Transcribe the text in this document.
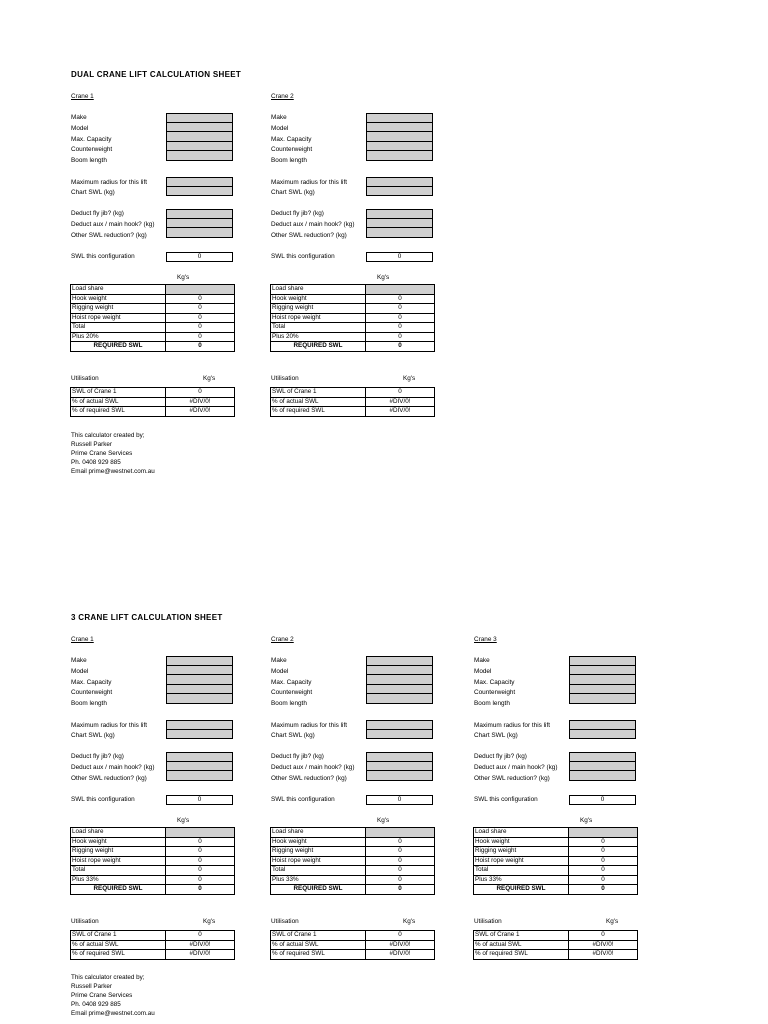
DUAL CRANE LIFT CALCULATION SHEET
Crane 1
Make
Model
Max. Capacity
Counterweight
Boom length
Maximum radius for this lift
Chart SWL (kg)
Deduct fly jib? (kg)
Deduct aux / main hook? (kg)
Other SWL reduction? (kg)
SWL this configuration	0
Kg's
Load share	
Hook weight	0
Rigging weight	0
Hoist rope weight	0
Total	0
Plus 20%	0
REQUIRED SWL	0
Utilisation	Kg's
SWL of Crane 1	0
% of actual SWL	#DIV/0!
% of required SWL	#DIV/0!
Crane 2
Make
Model
Max. Capacity
Counterweight
Boom length
Maximum radius for this lift
Chart SWL (kg)
Deduct fly jib? (kg)
Deduct aux / main hook? (kg)
Other SWL reduction? (kg)
SWL this configuration	0
Kg's
Load share	
Hook weight	0
Rigging weight	0
Hoist rope weight	0
Total	0
Plus 20%	0
REQUIRED SWL	0
Utilisation	Kg's
SWL of Crane 1	0
% of actual SWL	#DIV/0!
% of required SWL	#DIV/0!
This calculator created by;
Russell Parker
Prime Crane Services
Ph. 0408 929 885
Email prime@westnet.com.au
3 CRANE LIFT CALCULATION SHEET
Crane 1
Make
Model
Max. Capacity
Counterweight
Boom length
Maximum radius for this lift
Chart SWL (kg)
Deduct fly jib? (kg)
Deduct aux / main hook? (kg)
Other SWL reduction? (kg)
SWL this configuration	0
Kg's
Load share	
Hook weight	0
Rigging weight	0
Hoist rope weight	0
Total	0
Plus 33%	0
REQUIRED SWL	0
Utilisation	Kg's
SWL of Crane 1	0
% of actual SWL	#DIV/0!
% of required SWL	#DIV/0!
Crane 2
Make
Model
Max. Capacity
Counterweight
Boom length
Maximum radius for this lift
Chart SWL (kg)
Deduct fly jib? (kg)
Deduct aux / main hook? (kg)
Other SWL reduction? (kg)
SWL this configuration	0
Kg's
Load share	
Hook weight	0
Rigging weight	0
Hoist rope weight	0
Total	0
Plus 33%	0
REQUIRED SWL	0
Utilisation	Kg's
SWL of Crane 1	0
% of actual SWL	#DIV/0!
% of required SWL	#DIV/0!
Crane 3
Make
Model
Max. Capacity
Counterweight
Boom length
Maximum radius for this lift
Chart SWL (kg)
Deduct fly jib? (kg)
Deduct aux / main hook? (kg)
Other SWL reduction? (kg)
SWL this configuration	0
Kg's
Load share	
Hook weight	0
Rigging weight	0
Hoist rope weight	0
Total	0
Plus 33%	0
REQUIRED SWL	0
Utilisation	Kg's
SWL of Crane 1	0
% of actual SWL	#DIV/0!
% of required SWL	#DIV/0!
This calculator created by;
Russell Parker
Prime Crane Services
Ph. 0408 929 885
Email prime@westnet.com.au
